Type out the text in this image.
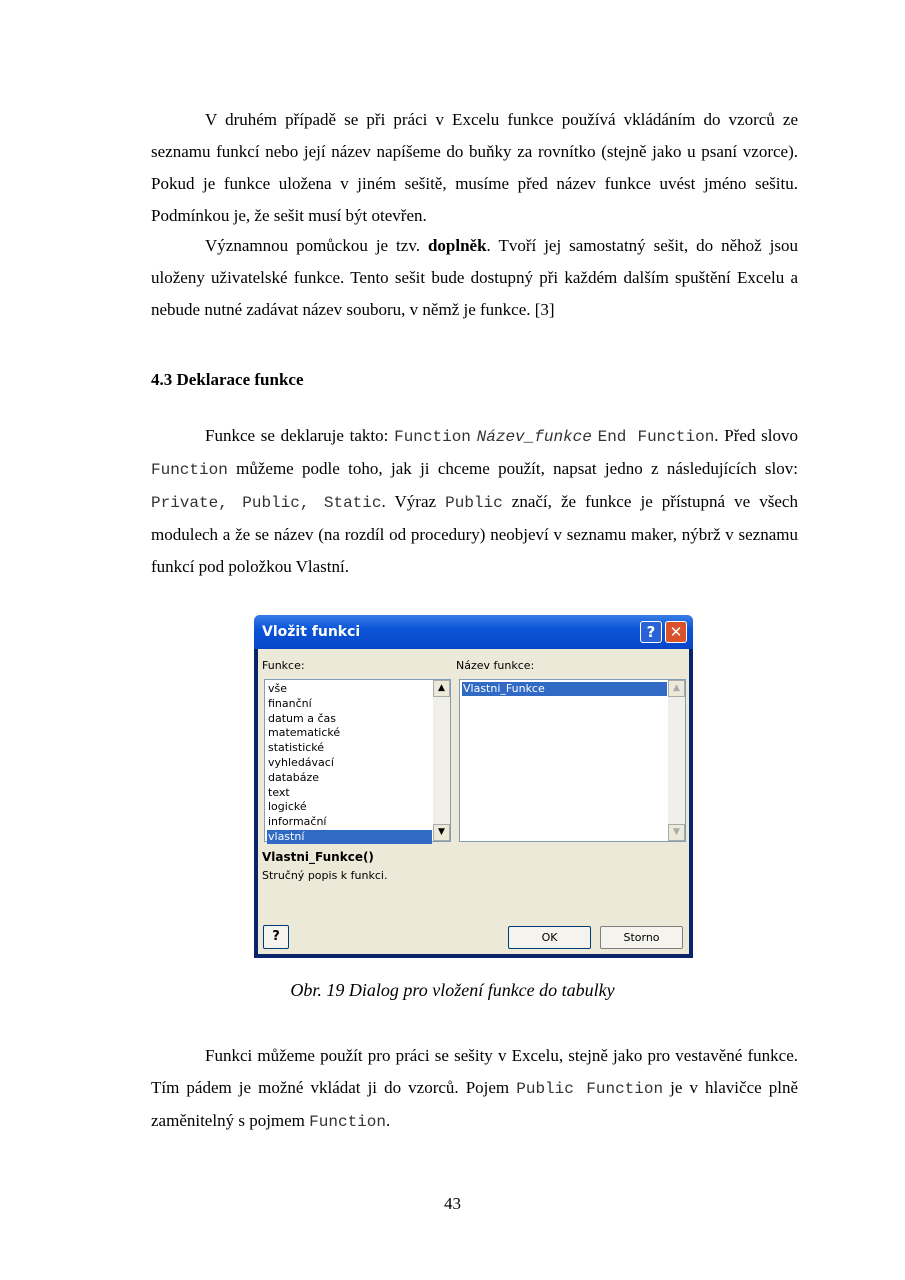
V druhém případě se při práci v Excelu funkce používá vkládáním do vzorců ze seznamu funkcí nebo její název napíšeme do buňky za rovnítko (stejně jako u psaní vzorce). Pokud je funkce uložena v jiném sešitě, musíme před název funkce uvést jméno sešitu. Podmínkou je, že sešit musí být otevřen.
Významnou pomůckou je tzv. doplněk. Tvoří jej samostatný sešit, do něhož jsou uloženy uživatelské funkce. Tento sešit bude dostupný při každém dalším spuštění Excelu a nebude nutné zadávat název souboru, v němž je funkce. [3]
4.3 Deklarace funkce
Funkce se deklaruje takto: Function Název_funkce End Function. Před slovo Function můžeme podle toho, jak ji chceme použít, napsat jedno z následujících slov: Private, Public, Static. Výraz Public značí, že funkce je přístupná ve všech modulech a že se název (na rozdíl od procedury) neobjeví v seznamu maker, nýbrž v seznamu funkcí pod položkou Vlastní.
Vložit funkci	? ✕
Funkce:	Název funkce:
vše
finanční
datum a čas
matematické
statistické
vyhledávací
databáze
text
logické
informační
vlastní
▲
▼
Vlastni_Funkce	▲
▼
Vlastni_Funkce()
Stručný popis k funkci.
?	OK	Storno
Obr. 19 Dialog pro vložení funkce do tabulky
Funkci můžeme použít pro práci se sešity v Excelu, stejně jako pro vestavěné funkce. Tím pádem je možné vkládat ji do vzorců. Pojem Public Function je v hlavičce plně zaměnitelný s pojmem Function.
43
